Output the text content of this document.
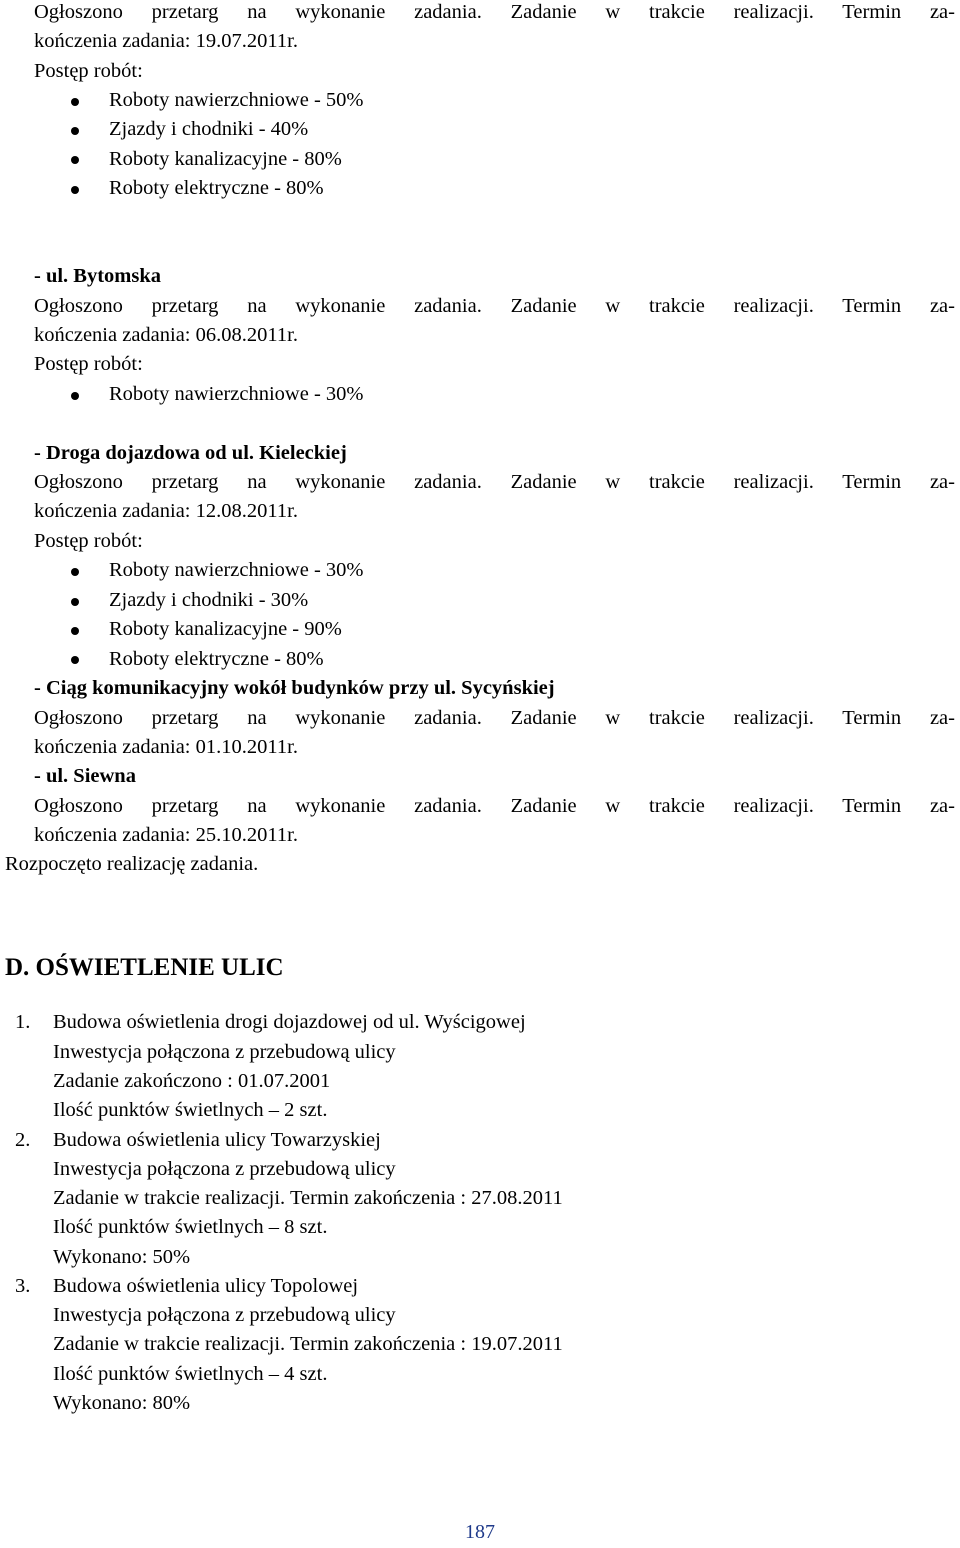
Ogłoszono przetarg na wykonanie zadania. Zadanie w trakcie realizacji. Termin za-
kończenia zadania: 19.07.2011r.
Postęp robót:
Roboty nawierzchniowe - 50%
Zjazdy i chodniki - 40%
Roboty kanalizacyjne - 80%
Roboty elektryczne - 80%
- ul. Bytomska
Ogłoszono przetarg na wykonanie zadania. Zadanie w trakcie realizacji. Termin za-
kończenia zadania: 06.08.2011r.
Postęp robót:
Roboty nawierzchniowe - 30%
- Droga dojazdowa od ul. Kieleckiej
Ogłoszono przetarg na wykonanie zadania. Zadanie w trakcie realizacji. Termin za-
kończenia zadania: 12.08.2011r.
Postęp robót:
Roboty nawierzchniowe - 30%
Zjazdy i chodniki - 30%
Roboty kanalizacyjne - 90%
Roboty elektryczne - 80%
- Ciąg komunikacyjny wokół budynków przy ul. Sycyńskiej
Ogłoszono przetarg na wykonanie zadania. Zadanie w trakcie realizacji. Termin za-
kończenia zadania: 01.10.2011r.
- ul. Siewna
Ogłoszono przetarg na wykonanie zadania. Zadanie w trakcie realizacji. Termin za-
kończenia zadania: 25.10.2011r.
Rozpoczęto realizację zadania.
D. OŚWIETLENIE ULIC
1. Budowa oświetlenia drogi dojazdowej od ul. Wyścigowej
Inwestycja połączona z przebudową ulicy
Zadanie zakończono : 01.07.2001
Ilość punktów świetlnych – 2 szt.
2. Budowa oświetlenia ulicy Towarzyskiej
Inwestycja połączona z przebudową ulicy
Zadanie w trakcie realizacji. Termin zakończenia : 27.08.2011
Ilość punktów świetlnych – 8 szt.
Wykonano: 50%
3. Budowa oświetlenia ulicy Topolowej
Inwestycja połączona z przebudową ulicy
Zadanie w trakcie realizacji. Termin zakończenia : 19.07.2011
Ilość punktów świetlnych – 4 szt.
Wykonano: 80%
187
